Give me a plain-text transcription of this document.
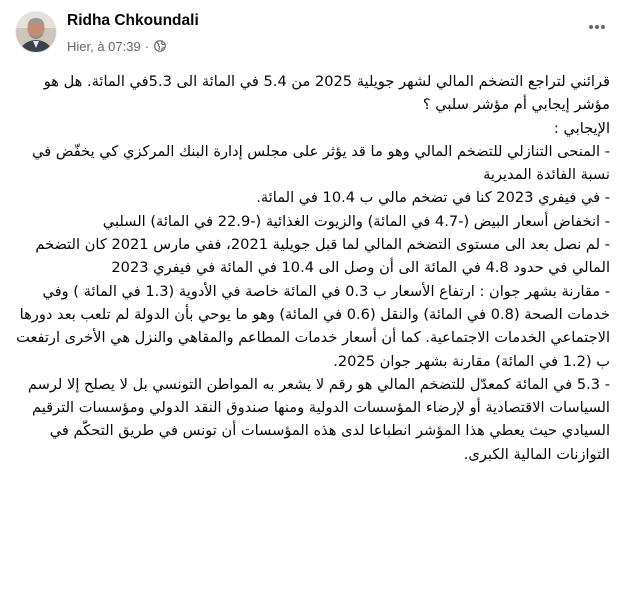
Ridha Chkoundali
Hier, à 07:39 ·

قرائني لتراجع التضخم المالي لشهر جويلية 2025 من 5.4 في المائة الى 5.3في المائة. هل هو مؤشر إيجابي أم مؤشر سلبي ؟

الإيجابي :

- المنحى التنازلي للتضخم المالي وهو ما قد يؤثر على مجلس إدارة البنك المركزي كي يخفّض في نسبة الفائدة المديرية

- في فيفري 2023 كنا في تضخم مالي ب 10.4 في المائة.

- انخفاض أسعار البيض (-4.7 في المائة) والزيوت الغذائية (-22.9 في المائة) السلبي

- لم نصل بعد الى مستوى التضخم المالي لما قبل جويلية 2021، ففي مارس 2021 كان التضخم المالي في حدود 4.8 في المائة الى أن وصل الى 10.4 في المائة في فيفري 2023

- مقارنة بشهر جوان : ارتفاع الأسعار ب 0.3 في المائة خاصة في الأدوية (1.3 في المائة ) وفي خدمات الصحة (0.8 في المائة) والنقل (0.6 في المائة) وهو ما يوحي بأن الدولة لم تلعب بعد دورها الاجتماعي الخدمات الاجتماعية. كما أن أسعار خدمات المطاعم والمقاهي والنزل هي الأخرى ارتفعت ب (1.2 في المائة) مقارنة بشهر جوان 2025.

- 5.3 في المائة كمعدّل للتضخم المالي هو رقم لا يشعر به المواطن التونسي بل لا يصلح إلا لرسم السياسات الاقتصادية أو لإرضاء المؤسسات الدولية ومنها صندوق النقد الدولي ومؤسسات الترقيم السيادي حيث يعطي هذا المؤشر انطباعا لدى هذه المؤسسات أن تونس في طريق التحكّم في التوازنات المالية الكبرى.
